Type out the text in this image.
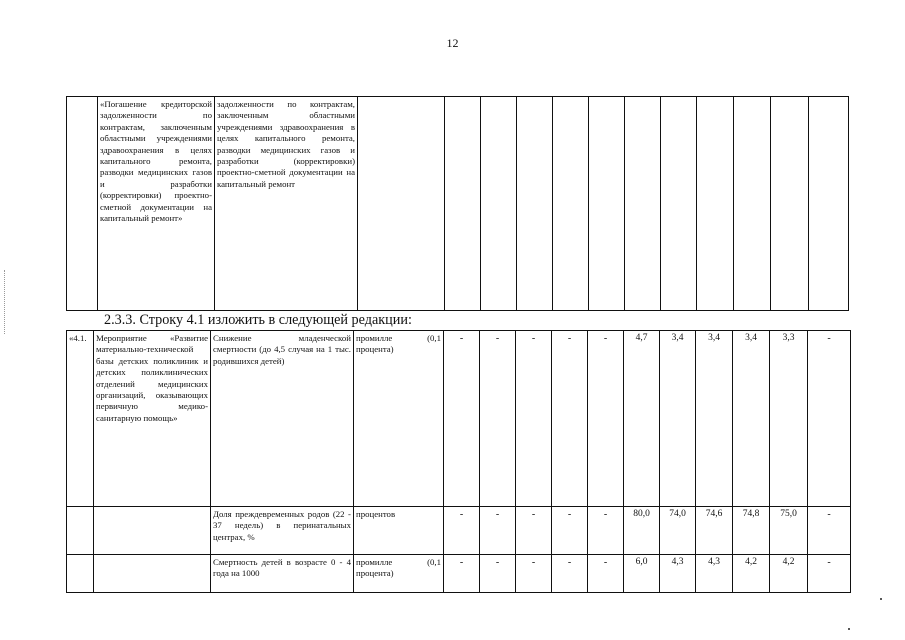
12
	«Погашение кредиторской задолженности по контрактам, заключенным областными учреждениями здравоохранения в целях капитального ремонта, разводки медицинских газов и разработки (корректировки) проектно-сметной документации на капитальный ремонт»	задолженности по контрактам, заключенным областными учреждениями здравоохранения в целях капитального ремонта, разводки медицинских газов и разработки (корректировки) проектно-сметной документации на капитальный ремонт												
2.3.3. Строку 4.1 изложить в следующей редакции:
«4.1.	Мероприятие «Развитие материально-технической базы детских поликлиник и детских поликлинических отделений медицинских организаций, оказывающих первичную медико-санитарную помощь»	Снижение младенческой смертности (до 4,5 случая на 1 тыс. родившихся детей)	промилле (0,1 процента)	-	-	-	-	-	4,7	3,4	3,4	3,4	3,3	-
		Доля преждевременных родов (22 - 37 недель) в перинатальных центрах, %	процентов	-	-	-	-	-	80,0	74,0	74,6	74,8	75,0	-
		Смертность детей в возрасте 0 - 4 года на 1000	промилле (0,1 процента)	-	-	-	-	-	6,0	4,3	4,3	4,2	4,2	-
